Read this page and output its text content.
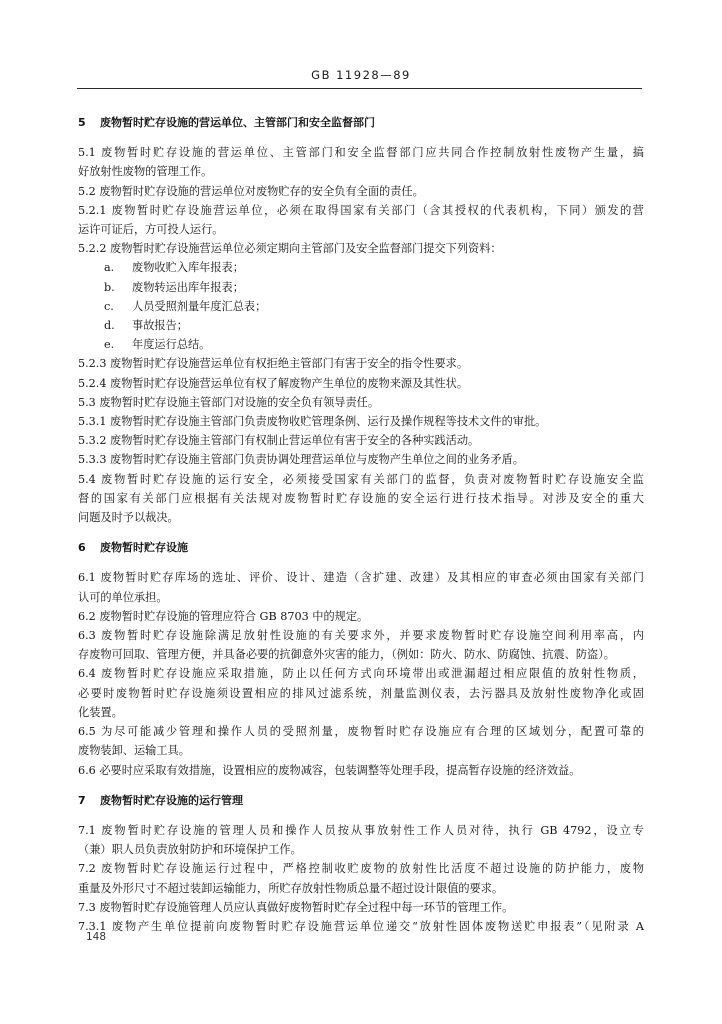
GB 11928—89
5 废物暂时贮存设施的营运单位、主管部门和安全监督部门
5.1 废物暂时贮存设施的营运单位、主管部门和安全监督部门应共同合作控制放射性废物产生量，搞
好放射性废物的管理工作。
5.2 废物暂时贮存设施的营运单位对废物贮存的安全负有全面的责任。
5.2.1 废物暂时贮存设施营运单位，必须在取得国家有关部门（含其授权的代表机构，下同）颁发的营
运许可证后，方可投人运行。
5.2.2 废物暂时贮存设施营运单位必须定期向主管部门及安全监督部门提交下列资料：
a. 废物收贮入库年报表；
b. 废物转运出库年报表；
c. 人员受照剂量年度汇总表；
d. 事故报告；
e. 年度运行总结。
5.2.3 废物暂时贮存设施营运单位有权拒绝主管部门有害于安全的指令性要求。
5.2.4 废物暂时贮存设施营运单位有权了解废物产生单位的废物来源及其性状。
5.3 废物暂时贮存设施主管部门对设施的安全负有领导责任。
5.3.1 废物暂时贮存设施主管部门负责废物收贮管理条例、运行及操作规程等技术文件的审批。
5.3.2 废物暂时贮存设施主管部门有权制止营运单位有害于安全的各种实践活动。
5.3.3 废物暂时贮存设施主管部门负责协调处理营运单位与废物产生单位之间的业务矛盾。
5.4 废物暂时贮存设施的运行安全，必须接受国家有关部门的监督，负责对废物暂时贮存设施安全监
督的国家有关部门应根据有关法规对废物暂时贮存设施的安全运行进行技术指导。对涉及安全的重大
问题及时予以裁决。
6 废物暂时贮存设施
6.1 废物暂时贮存库场的选址、评价、设计、建造（含扩建、改建）及其相应的审查必须由国家有关部门
认可的单位承担。
6.2 废物暂时贮存设施的管理应符合 GB 8703 中的规定。
6.3 废物暂时贮存设施除满足放射性设施的有关要求外，并要求废物暂时贮存设施空间利用率高，内
存废物可回取、管理方便，并具备必要的抗御意外灾害的能力，（例如：防火、防水、防腐蚀、抗震、防盗）。
6.4 废物暂时贮存设施应采取措施，防止以任何方式向环境带出或泄漏超过相应限值的放射性物质，
必要时废物暂时贮存设施须设置相应的排风过滤系统，剂量监测仪表，去污器具及放射性废物净化或固
化装置。
6.5 为尽可能减少管理和操作人员的受照剂量，废物暂时贮存设施应有合理的区域划分，配置可靠的
废物装卸、运输工具。
6.6 必要时应采取有效措施，设置相应的废物减容，包装调整等处理手段，提高暂存设施的经济效益。
7 废物暂时贮存设施的运行管理
7.1 废物暂时贮存设施的管理人员和操作人员按从事放射性工作人员对待，执行 GB 4792，设立专
（兼）职人员负责放射防护和环境保护工作。
7.2 废物暂时贮存设施运行过程中，严格控制收贮废物的放射性比活度不超过设施的防护能力，废物
重量及外形尺寸不超过装卸运输能力，所贮存放射性物质总量不超过设计限值的要求。
7.3 废物暂时贮存设施管理人员应认真做好废物暂时贮存全过程中每一环节的管理工作。
7.3.1 废物产生单位提前向废物暂时贮存设施营运单位递交“放射性固体废物送贮申报表”（见附录 A
148
